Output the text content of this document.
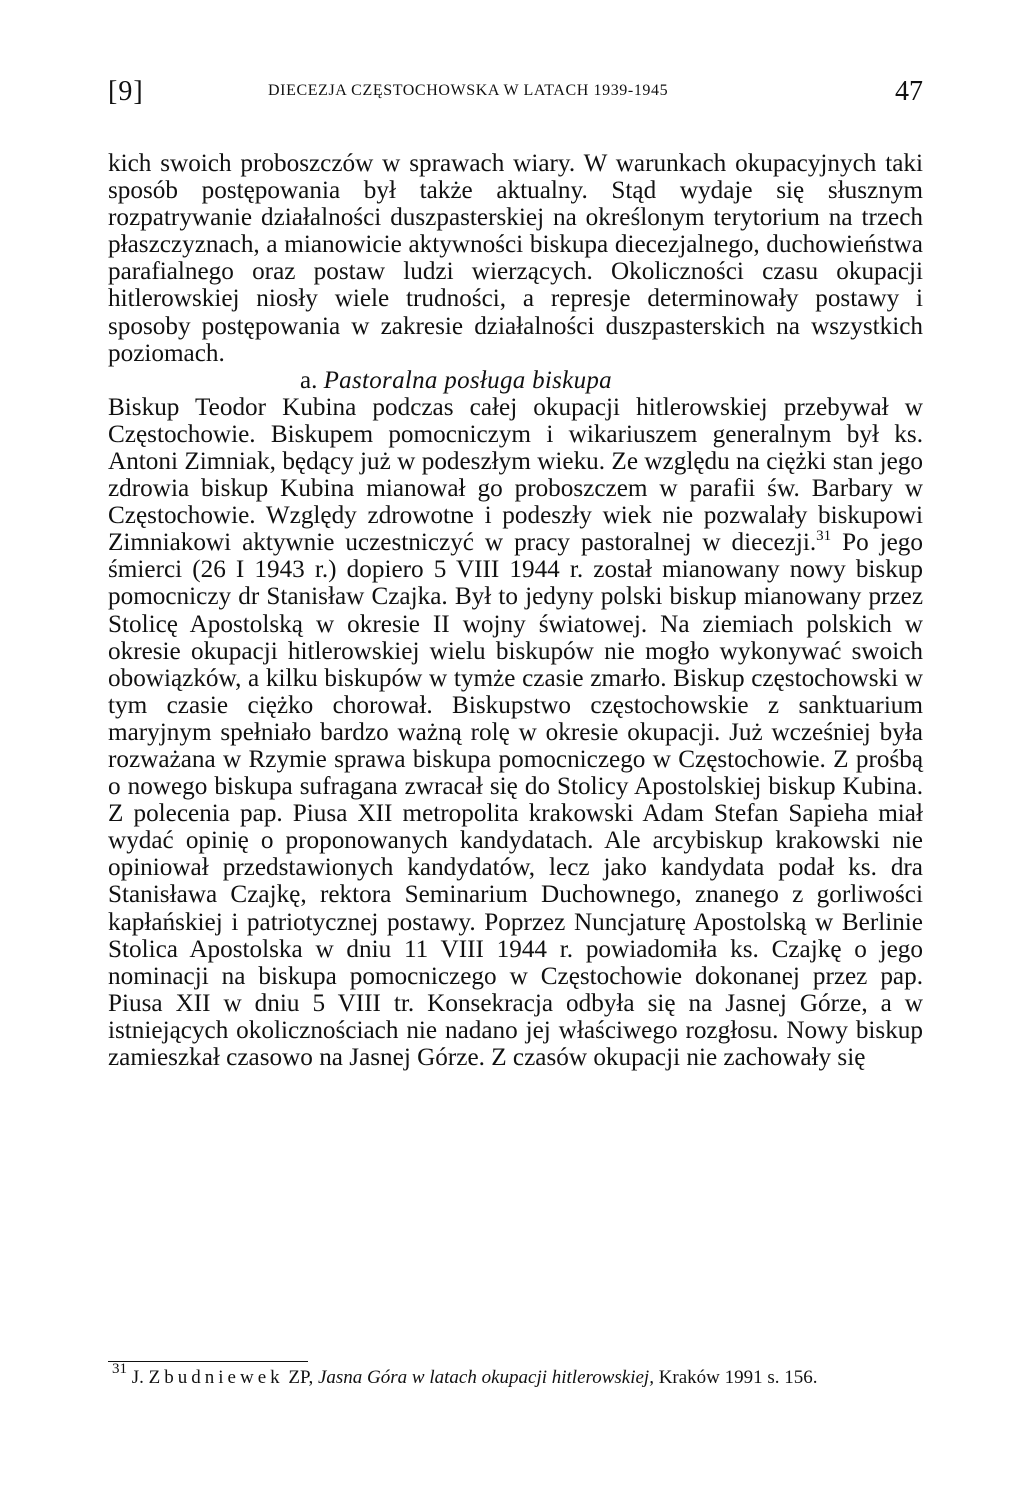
[9]	DIECEZJA CZĘSTOCHOWSKA W LATACH 1939-1945	47

kich swoich proboszczów w sprawach wiary. W warunkach okupacyjnych taki sposób postępowania był także aktualny. Stąd wydaje się słusznym rozpatrywanie działalności duszpasterskiej na określonym terytorium na trzech płaszczyznach, a mianowicie aktywności biskupa diecezjalnego, duchowieństwa parafialnego oraz postaw ludzi wierzących. Okoliczności czasu okupacji hitlerowskiej niosły wiele trudności, a represje determinowały postawy i sposoby postępowania w zakresie działalności duszpasterskich na wszystkich poziomach.

a. Pastoralna posługa biskupa

Biskup Teodor Kubina podczas całej okupacji hitlerowskiej przebywał w Częstochowie. Biskupem pomocniczym i wikariuszem generalnym był ks. Antoni Zimniak, będący już w podeszłym wieku. Ze względu na ciężki stan jego zdrowia biskup Kubina mianował go proboszczem w parafii św. Barbary w Częstochowie. Względy zdrowotne i podeszły wiek nie pozwalały biskupowi Zimniakowi aktywnie uczestniczyć w pracy pastoralnej w diecezji.$^{31}$ Po jego śmierci (26 I 1943 r.) dopiero 5 VIII 1944 r. został mianowany nowy biskup pomocniczy dr Stanisław Czajka. Był to jedyny polski biskup mianowany przez Stolicę Apostolską w okresie II wojny światowej. Na ziemiach polskich w okresie okupacji hitlerowskiej wielu biskupów nie mogło wykonywać swoich obowiązków, a kilku biskupów w tymże czasie zmarło. Biskup częstochowski w tym czasie ciężko chorował. Biskupstwo częstochowskie z sanktuarium maryjnym spełniało bardzo ważną rolę w okresie okupacji. Już wcześniej była rozważana w Rzymie sprawa biskupa pomocniczego w Częstochowie. Z prośbą o nowego biskupa sufragana zwracał się do Stolicy Apostolskiej biskup Kubina. Z polecenia pap. Piusa XII metropolita krakowski Adam Stefan Sapieha miał wydać opinię o proponowanych kandydatach. Ale arcybiskup krakowski nie opiniował przedstawionych kandydatów, lecz jako kandydata podał ks. dra Stanisława Czajkę, rektora Seminarium Duchownego, znanego z gorliwości kapłańskiej i patriotycznej postawy. Poprzez Nuncjaturę Apostolską w Berlinie Stolica Apostolska w dniu 11 VIII 1944 r. powiadomiła ks. Czajkę o jego nominacji na biskupa pomocniczego w Częstochowie dokonanej przez pap. Piusa XII w dniu 5 VIII tr. Konsekracja odbyła się na Jasnej Górze, a w istniejących okolicznościach nie nadano jej właściwego rozgłosu. Nowy biskup zamieszkał czasowo na Jasnej Górze. Z czasów okupacji nie zachowały się

$^{31}$ J. Zbudniewek ZP, Jasna Góra w latach okupacji hitlerowskiej, Kraków 1991 s. 156.
